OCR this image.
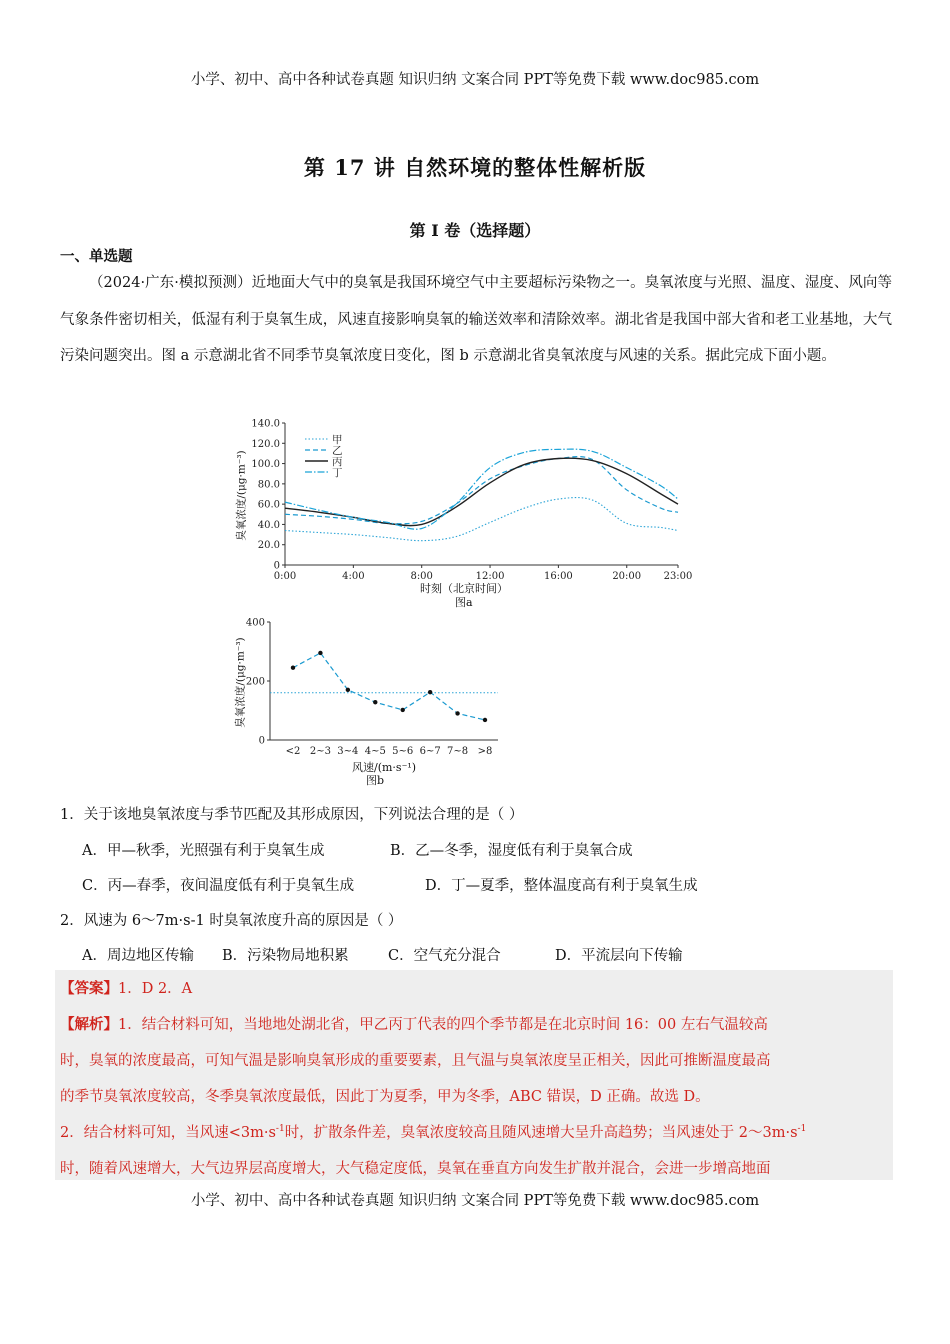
小学、初中、高中各种试卷真题 知识归纳 文案合同 PPT等免费下载 www.doc985.com
第 17 讲 自然环境的整体性解析版
第 I 卷（选择题）
一、单选题
（2024·广东·模拟预测）近地面大气中的臭氧是我国环境空气中主要超标污染物之一。臭氧浓度与光照、温度、湿度、风向等气象条件密切相关，低湿有利于臭氧生成，风速直接影响臭氧的输送效率和清除效率。湖北省是我国中部大省和老工业基地，大气污染问题突出。图 a 示意湖北省不同季节臭氧浓度日变化，图 b 示意湖北省臭氧浓度与风速的关系。据此完成下面小题。
0
20.0
40.0
60.0
80.0
100.0
120.0
140.0
0:00	4:00	8:00	12:00	16:00	20:00 23:00
甲
乙
丙
丁
时刻（北京时间）
图a
臭氧浓度/(μg·m⁻³)
0
200
400
<2 2~3 3~4 4~5 5~6 6~7 7~8 >8
风速/(m·s⁻¹)
图b
臭氧浓度/(μg·m⁻³)
1．关于该地臭氧浓度与季节匹配及其形成原因，下列说法合理的是（ ）
A．甲—秋季，光照强有利于臭氧生成	B．乙—冬季，湿度低有利于臭氧合成
C．丙—春季，夜间温度低有利于臭氧生成	D．丁—夏季，整体温度高有利于臭氧生成
2．风速为 6～7m·s-1 时臭氧浓度升高的原因是（ ）
A．周边地区传输 B．污染物局地积累	C．空气充分混合	D．平流层向下传输
【答案】1．D 2．A
【解析】1．结合材料可知，当地地处湖北省，甲乙丙丁代表的四个季节都是在北京时间 16：00 左右气温较高
时，臭氧的浓度最高，可知气温是影响臭氧形成的重要要素，且气温与臭氧浓度呈正相关，因此可推断温度最高
的季节臭氧浓度较高，冬季臭氧浓度最低，因此丁为夏季，甲为冬季，ABC 错误，D 正确。故选 D。
2．结合材料可知，当风速$<3m\cdot s^{-1}$时，扩散条件差，臭氧浓度较高且随风速增大呈升高趋势；当风速处于 $2\sim 3m\cdot s^{-1}$
时，随着风速增大，大气边界层高度增大，大气稳定度低，臭氧在垂直方向发生扩散并混合，会进一步增高地面
小学、初中、高中各种试卷真题 知识归纳 文案合同 PPT等免费下载 www.doc985.com
